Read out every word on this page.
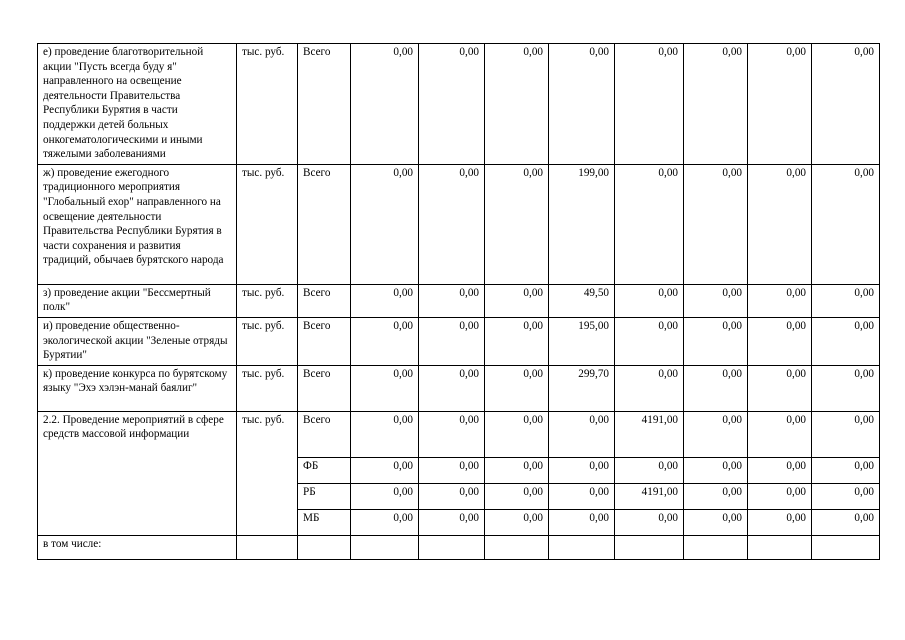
е) проведение благотворительной акции "Пусть всегда буду я" направленного на освещение деятельности Правительства Республики Бурятия в части поддержки детей больных онкогематологическими и иными тяжелыми заболеваниями	тыс. руб.	Всего	0,00	0,00	0,00	0,00	0,00	0,00	0,00	0,00
ж) проведение ежегодного традиционного мероприятия "Глобальный ехор" направленного на освещение деятельности Правительства Республики Бурятия в части сохранения и развития традиций, обычаев бурятского народа	тыс. руб.	Всего	0,00	0,00	0,00	199,00	0,00	0,00	0,00	0,00
з) проведение акции "Бессмертный полк"	тыс. руб.	Всего	0,00	0,00	0,00	49,50	0,00	0,00	0,00	0,00
и) проведение общественно-экологической акции "Зеленые отряды Бурятии"	тыс. руб.	Всего	0,00	0,00	0,00	195,00	0,00	0,00	0,00	0,00
к) проведение конкурса по бурятскому языку "Эхэ хэлэн-манай баялиг"	тыс. руб.	Всего	0,00	0,00	0,00	299,70	0,00	0,00	0,00	0,00
2.2. Проведение мероприятий в сфере средств массовой информации	тыс. руб.	Всего	0,00	0,00	0,00	0,00	4191,00	0,00	0,00	0,00
		ФБ	0,00	0,00	0,00	0,00	0,00	0,00	0,00	0,00
		РБ	0,00	0,00	0,00	0,00	4191,00	0,00	0,00	0,00
		МБ	0,00	0,00	0,00	0,00	0,00	0,00	0,00	0,00
в том числе:										
